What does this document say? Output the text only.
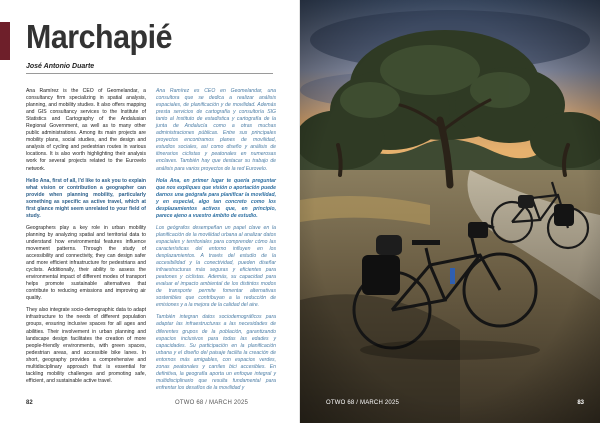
Marchapié
José Antonio Duarte

Ana Ramírez is the CEO of Geomelandar, a consultancy firm specializing in spatial analysis, planning, and mobility studies. It also offers mapping and GIS consultancy services to the Institute of Statistics and Cartography of the Andalusian Regional Government, as well as to many other public administrations. Among its main projects are mobility plans, social studies, and the design and analysis of cycling and pedestrian routes in various locations. It is also worth highlighting their analysis work for several projects related to the Eurovelo network.

Hello Ana, first of all, I'd like to ask you to explain what vision or contribution a geographer can provide when planning mobility, particularly something as specific as active travel, which at first glance might seem unrelated to your field of study.

Geographers play a key role in urban mobility planning by analyzing spatial and territorial data to understand how environmental features influence movement patterns. Through the study of accessibility and connectivity, they can design safer and more efficient infrastructure for pedestrians and cyclists. Additionally, their ability to assess the environmental impact of different modes of transport helps promote sustainable alternatives that contribute to reducing emissions and improving air quality.

They also integrate socio-demographic data to adapt infrastructure to the needs of different population groups, ensuring inclusive spaces for all ages and abilities. Their involvement in urban planning and landscape design facilitates the creation of more people-friendly environments, with green spaces, pedestrian areas, and accessible bike lanes. In short, geography provides a comprehensive and multidisciplinary approach that is essential for tackling mobility challenges and promoting safe, efficient, and sustainable active travel.

Ana Ramírez es CEO en Geomelandar, una consultora que se dedica a realizar análisis espaciales, de planificación y de movilidad. Además presta servicios de cartografía y consultoría SIG tanto al Instituto de estadística y cartografía de la junta de Andalucía como a otras muchas administraciones públicas. Entre sus principales proyectos encontramos planes de movilidad, estudios sociales, así como diseño y análisis de itinerarios ciclistas y peatonales en numerosas enclaves. También hay que destacar su trabajo de análisis para varios proyectos de la red Eurovelo.

Hola Ana, en primer lugar te quería preguntar que nos expliques que visión o aportación puede darnos una geógrafa para planificar la movilidad, y en especial, algo tan concreto como los desplazamientos activos que, en principio, parece ajeno a vuestro ámbito de estudio.

Los geógrafos desempeñan un papel clave en la planificación de la movilidad urbana al analizar datos espaciales y territoriales para comprender cómo las características del entorno influyen en los desplazamientos. A través del estudio de la accesibilidad y la conectividad, pueden diseñar infraestructuras más seguras y eficientes para peatones y ciclistas. Además, su capacidad para evaluar el impacto ambiental de los distintos modos de transporte permite fomentar alternativas sostenibles que contribuyan a la reducción de emisiones y a la mejora de la calidad del aire.

También integran datos sociodemográficos para adaptar las infraestructuras a las necesidades de diferentes grupos de la población, garantizando espacios inclusivos para todas las edades y capacidades. Su participación en la planificación urbana y el diseño del paisaje facilita la creación de entornos más amigables, con espacios verdes, zonas peatonales y carriles bici accesibles. En definitiva, la geografía aporta un enfoque integral y multidisciplinario que resulta fundamental para enfrentar los desafíos de la movilidad y

82	OTWO 68 / MARCH 2025	OTWO 68 / MARCH 2025	83
